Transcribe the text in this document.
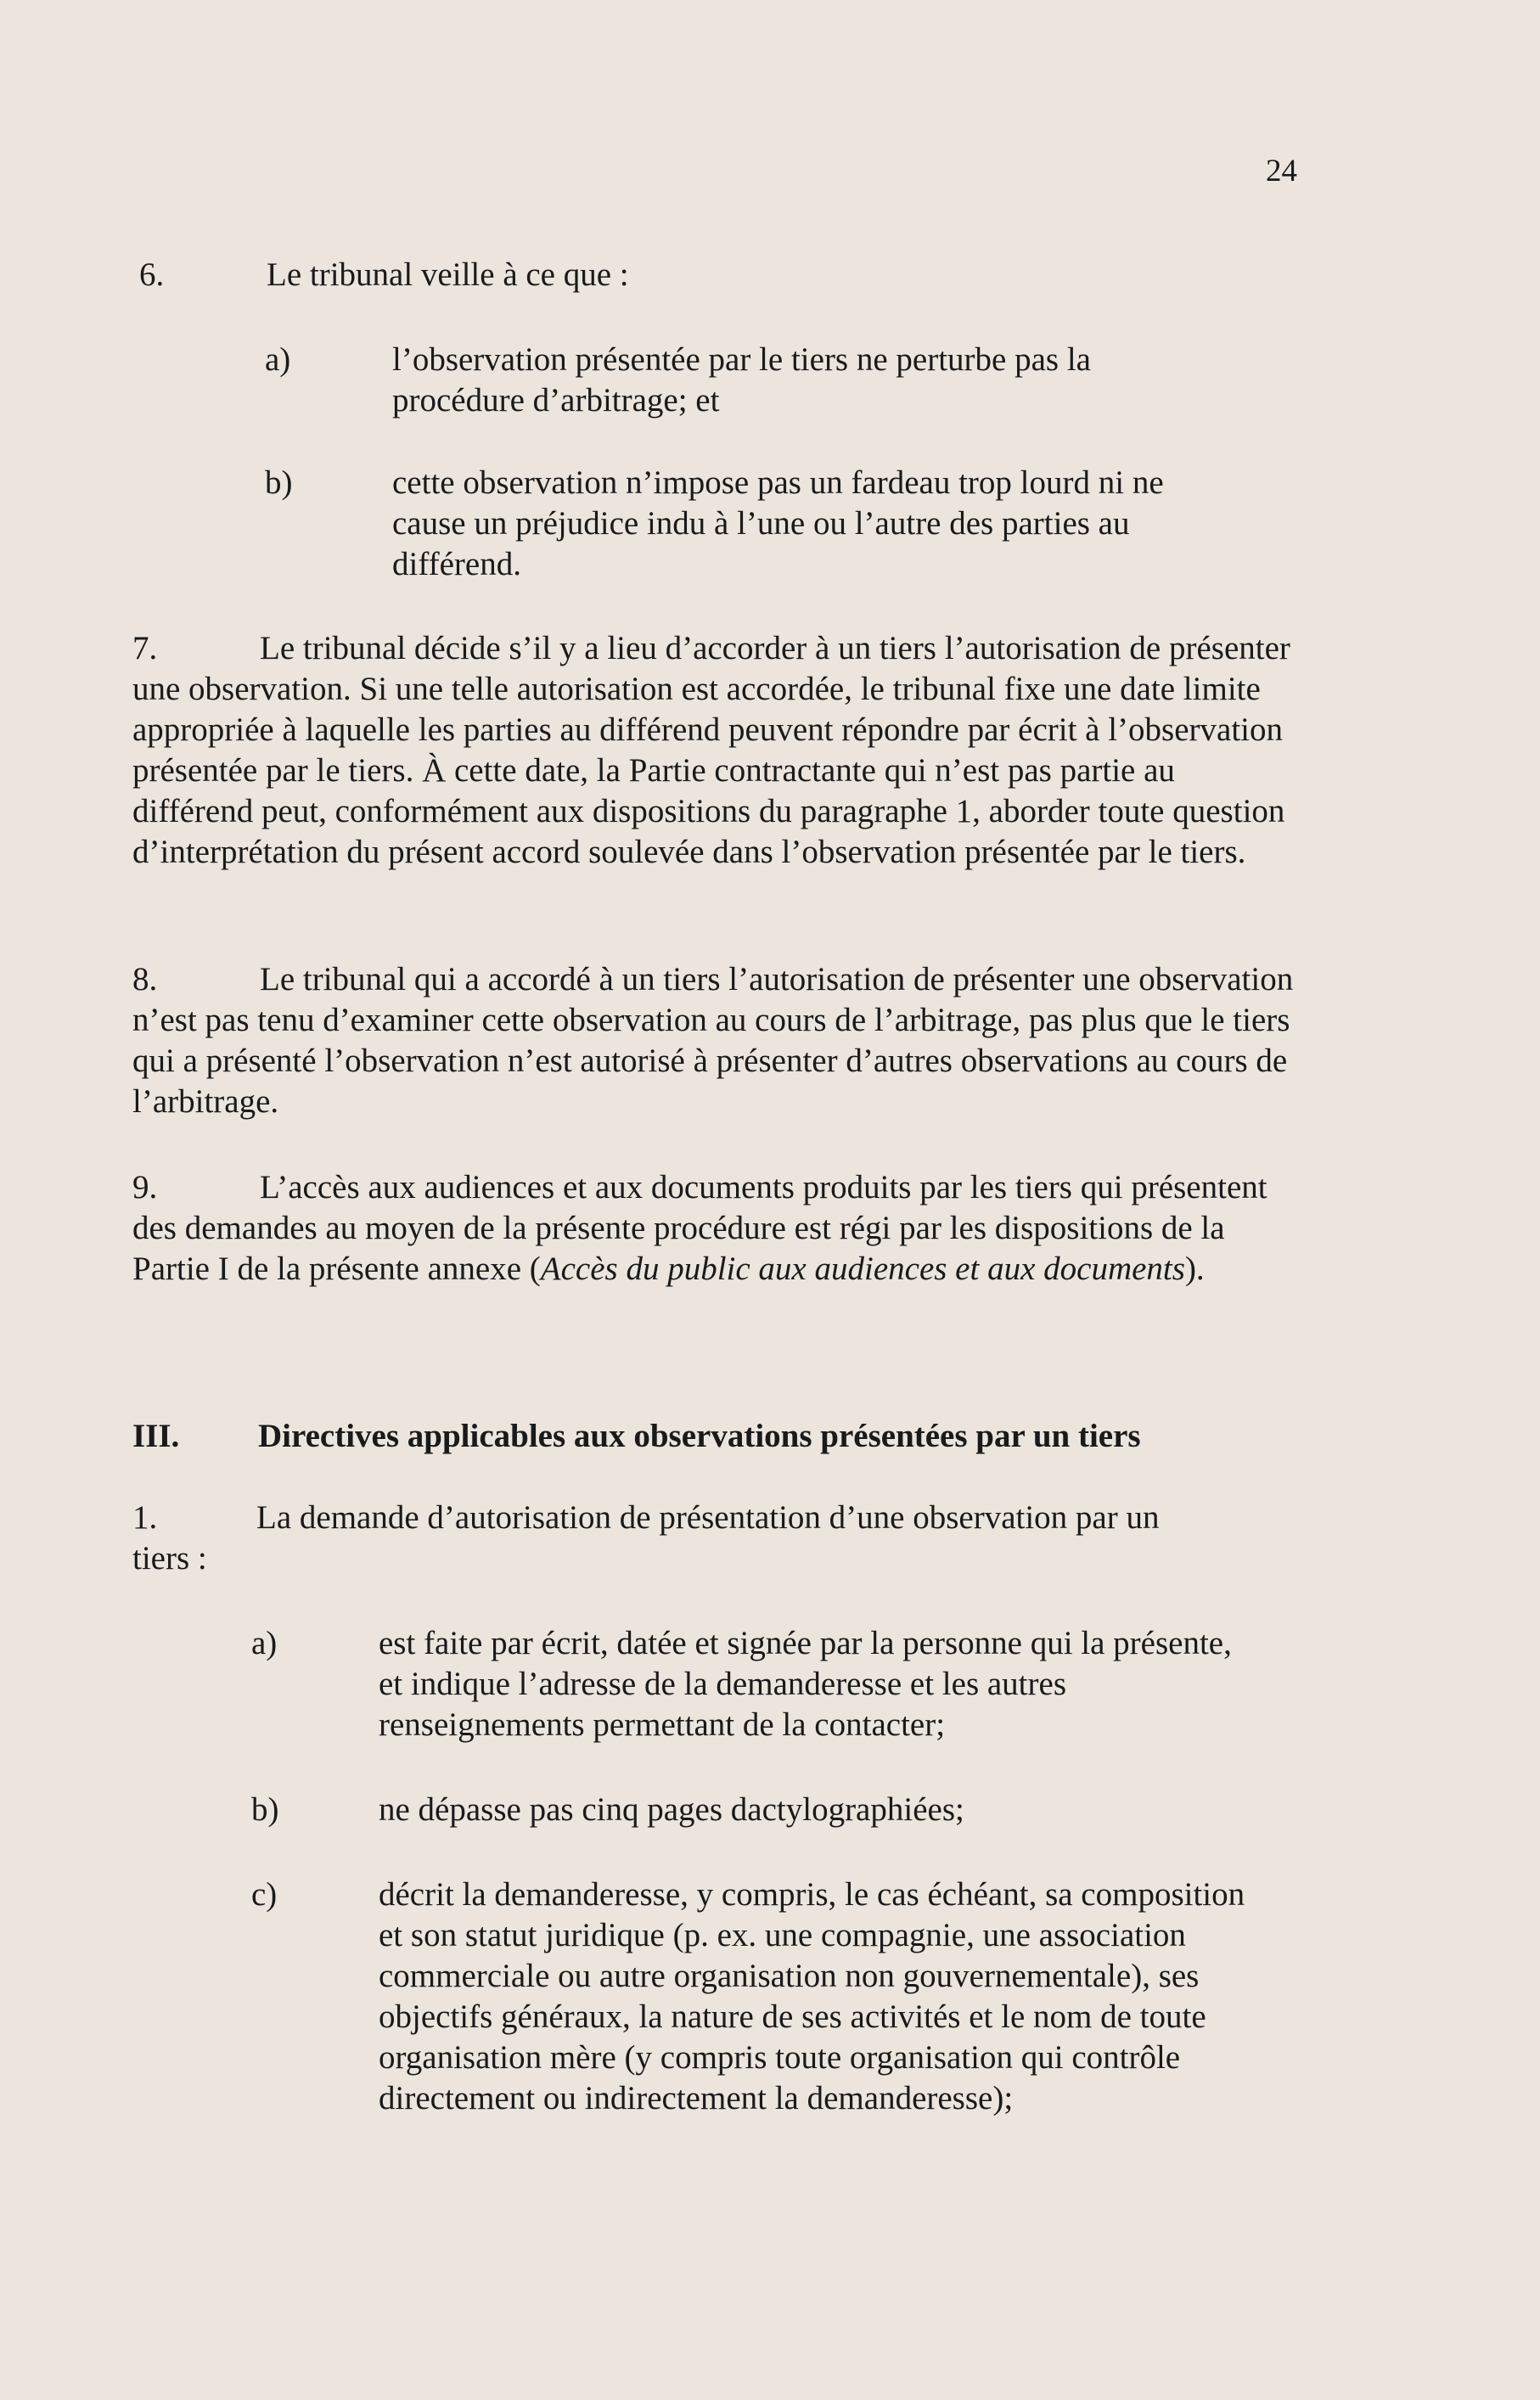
24
6.	Le tribunal veille à ce que :
a)	l’observation présentée par le tiers ne perturbe pas la procédure d’arbitrage; et
b)	cette observation n’impose pas un fardeau trop lourd ni ne cause un préjudice indu à l’une ou l’autre des parties au différend.
7.	Le tribunal décide s’il y a lieu d’accorder à un tiers l’autorisation de présenter une observation. Si une telle autorisation est accordée, le tribunal fixe une date limite appropriée à laquelle les parties au différend peuvent répondre par écrit à l’observation présentée par le tiers. À cette date, la Partie contractante qui n’est pas partie au différend peut, conformément aux dispositions du paragraphe 1, aborder toute question d’interprétation du présent accord soulevée dans l’observation présentée par le tiers.
8.	Le tribunal qui a accordé à un tiers l’autorisation de présenter une observation n’est pas tenu d’examiner cette observation au cours de l’arbitrage, pas plus que le tiers qui a présenté l’observation n’est autorisé à présenter d’autres observations au cours de l’arbitrage.
9.	L’accès aux audiences et aux documents produits par les tiers qui présentent des demandes au moyen de la présente procédure est régi par les dispositions de la Partie I de la présente annexe (Accès du public aux audiences et aux documents).
III. Directives applicables aux observations présentées par un tiers
1.	La demande d’autorisation de présentation d’une observation par un
tiers :
a)	est faite par écrit, datée et signée par la personne qui la présente, et indique l’adresse de la demanderesse et les autres renseignements permettant de la contacter;
b)	ne dépasse pas cinq pages dactylographiées;
c)	décrit la demanderesse, y compris, le cas échéant, sa composition et son statut juridique (p. ex. une compagnie, une association commerciale ou autre organisation non gouvernementale), ses objectifs généraux, la nature de ses activités et le nom de toute organisation mère (y compris toute organisation qui contrôle directement ou indirectement la demanderesse);
